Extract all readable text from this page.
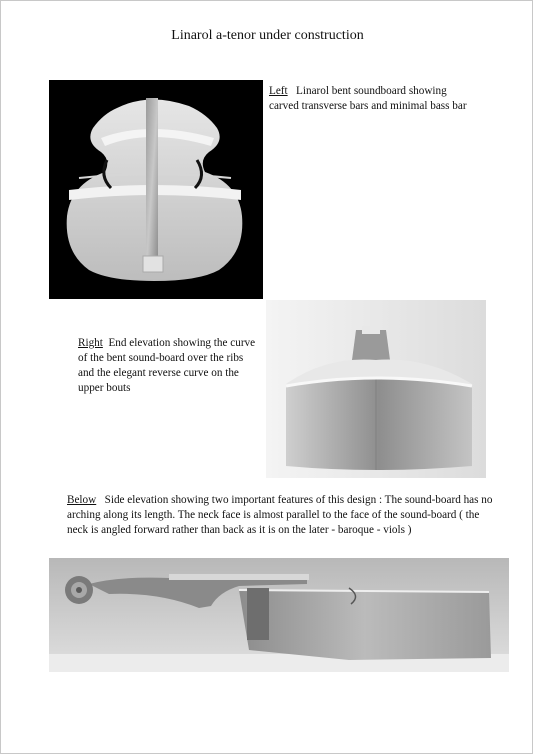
Linarol a-tenor under construction
Left Linarol bent soundboard showing carved transverse bars and minimal bass bar
Right End elevation showing the curve of the bent sound-board over the ribs and the elegant reverse curve on the upper bouts
Below Side elevation showing two important features of this design : The sound-board has no arching along its length. The neck face is almost parallel to the face of the sound-board ( the neck is angled forward rather than back as it is on the later - baroque - viols )
